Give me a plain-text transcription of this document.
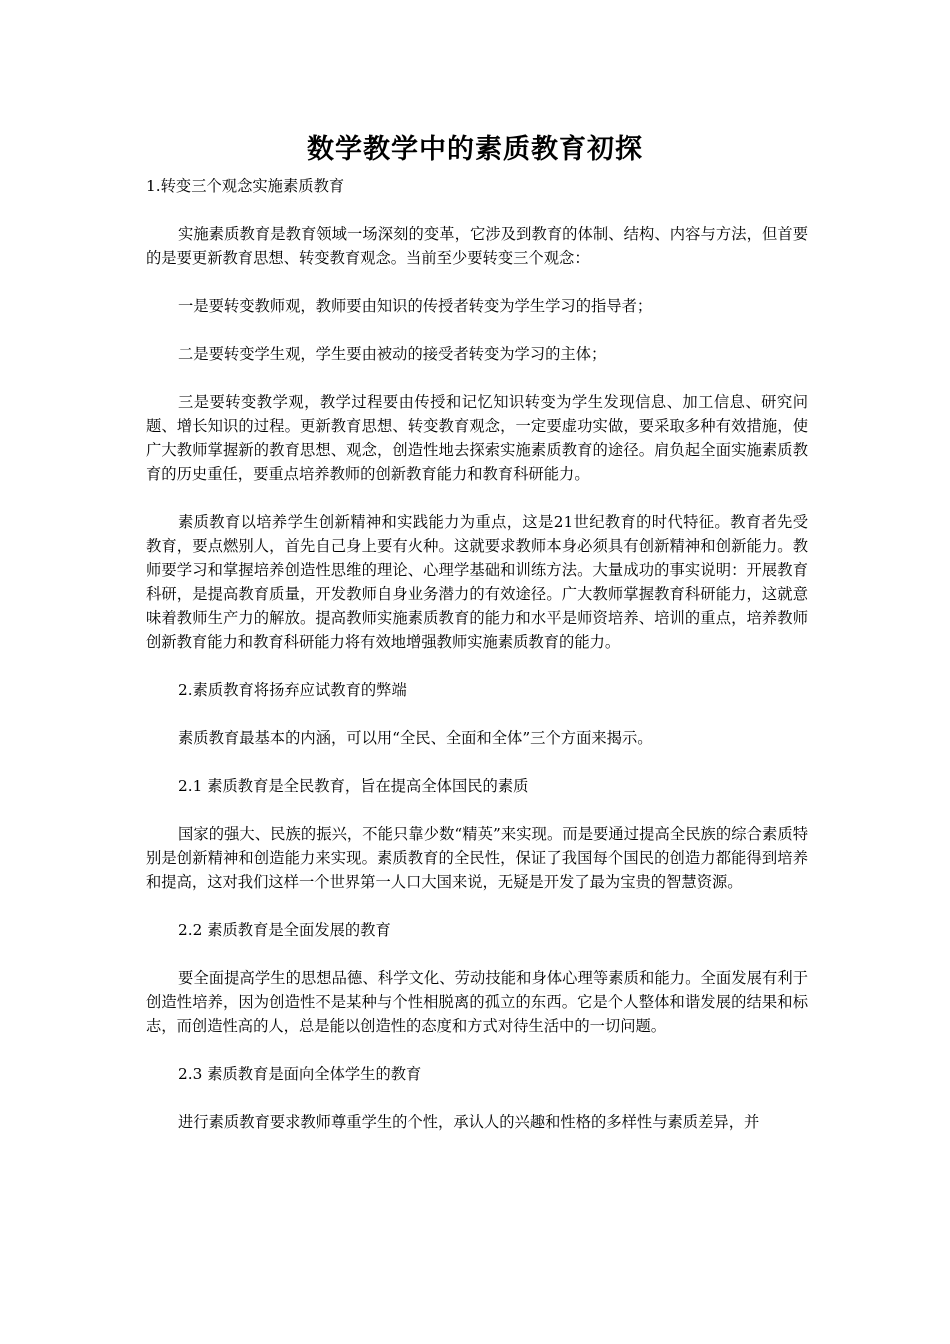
数学教学中的素质教育初探

1.转变三个观念实施素质教育

实施素质教育是教育领域一场深刻的变革，它涉及到教育的体制、结构、内容与方法，但首要的是要更新教育思想、转变教育观念。当前至少要转变三个观念：

一是要转变教师观，教师要由知识的传授者转变为学生学习的指导者；

二是要转变学生观，学生要由被动的接受者转变为学习的主体；

三是要转变教学观，教学过程要由传授和记忆知识转变为学生发现信息、加工信息、研究问题、增长知识的过程。更新教育思想、转变教育观念，一定要虚功实做，要采取多种有效措施，使广大教师掌握新的教育思想、观念，创造性地去探索实施素质教育的途径。肩负起全面实施素质教育的历史重任，要重点培养教师的创新教育能力和教育科研能力。

素质教育以培养学生创新精神和实践能力为重点，这是21世纪教育的时代特征。教育者先受教育，要点燃别人，首先自己身上要有火种。这就要求教师本身必须具有创新精神和创新能力。教师要学习和掌握培养创造性思维的理论、心理学基础和训练方法。大量成功的事实说明：开展教育科研，是提高教育质量，开发教师自身业务潜力的有效途径。广大教师掌握教育科研能力，这就意味着教师生产力的解放。提高教师实施素质教育的能力和水平是师资培养、培训的重点，培养教师创新教育能力和教育科研能力将有效地增强教师实施素质教育的能力。

2.素质教育将扬弃应试教育的弊端

素质教育最基本的内涵，可以用“全民、全面和全体”三个方面来揭示。

2.1 素质教育是全民教育，旨在提高全体国民的素质

国家的强大、民族的振兴，不能只靠少数“精英”来实现。而是要通过提高全民族的综合素质特别是创新精神和创造能力来实现。素质教育的全民性，保证了我国每个国民的创造力都能得到培养和提高，这对我们这样一个世界第一人口大国来说，无疑是开发了最为宝贵的智慧资源。

2.2 素质教育是全面发展的教育

要全面提高学生的思想品德、科学文化、劳动技能和身体心理等素质和能力。全面发展有利于创造性培养，因为创造性不是某种与个性相脱离的孤立的东西。它是个人整体和谐发展的结果和标志，而创造性高的人，总是能以创造性的态度和方式对待生活中的一切问题。

2.3 素质教育是面向全体学生的教育

进行素质教育要求教师尊重学生的个性，承认人的兴趣和性格的多样性与素质差异，并
